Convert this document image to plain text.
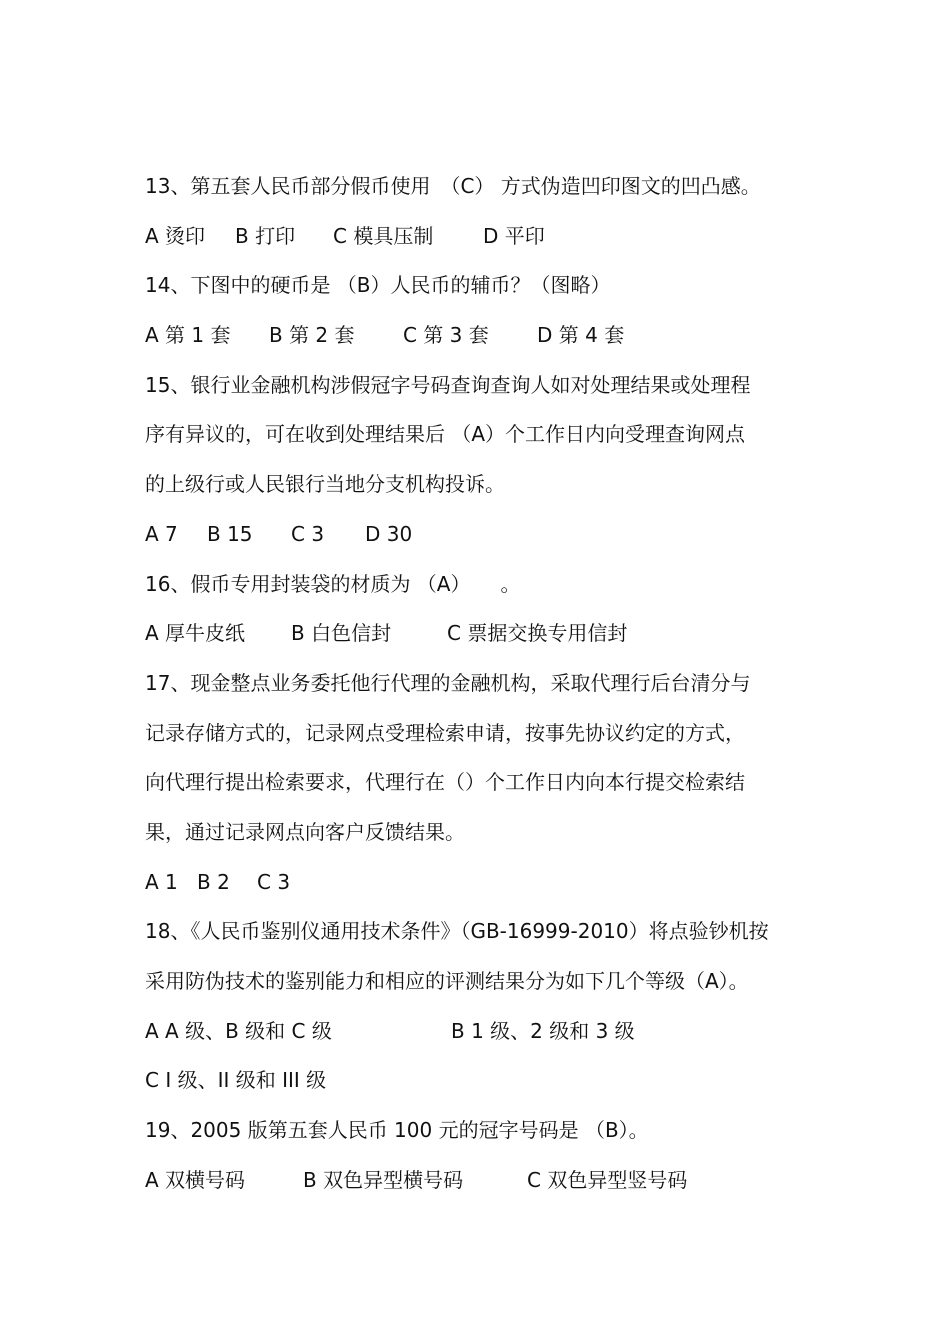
13、第五套人民币部分假币使用　（C） 方式伪造凹印图文的凹凸感。
A 烫印 B 打印 C 模具压制 D 平印
14、下图中的硬币是 （B）人民币的辅币？（图略）
A 第 1 套 B 第 2 套 C 第 3 套 D 第 4 套
15、银行业金融机构涉假冠字号码查询查询人如对处理结果或处理程
序有异议的，可在收到处理结果后 （A）个工作日内向受理查询网点
的上级行或人民银行当地分支机构投诉。
A 7 B 15 C 3 D 30
16、假币专用封装袋的材质为 （A）　　。
A 厚牛皮纸 B 白色信封	C 票据交换专用信封
17、现金整点业务委托他行代理的金融机构，采取代理行后台清分与
记录存储方式的，记录网点受理检索申请，按事先协议约定的方式，
向代理行提出检索要求，代理行在（）个工作日内向本行提交检索结
果，通过记录网点向客户反馈结果。
A 1 B 2 C 3
18、《人民币鉴别仪通用技术条件》（GB-16999-2010）将点验钞机按
采用防伪技术的鉴别能力和相应的评测结果分为如下几个等级（A）。
A A 级、B 级和 C 级	B 1 级、2 级和 3 级
C I 级、II 级和 III 级
19、2005 版第五套人民币 100 元的冠字号码是 （B）。
A 双横号码	B 双色异型横号码	C 双色异型竖号码
